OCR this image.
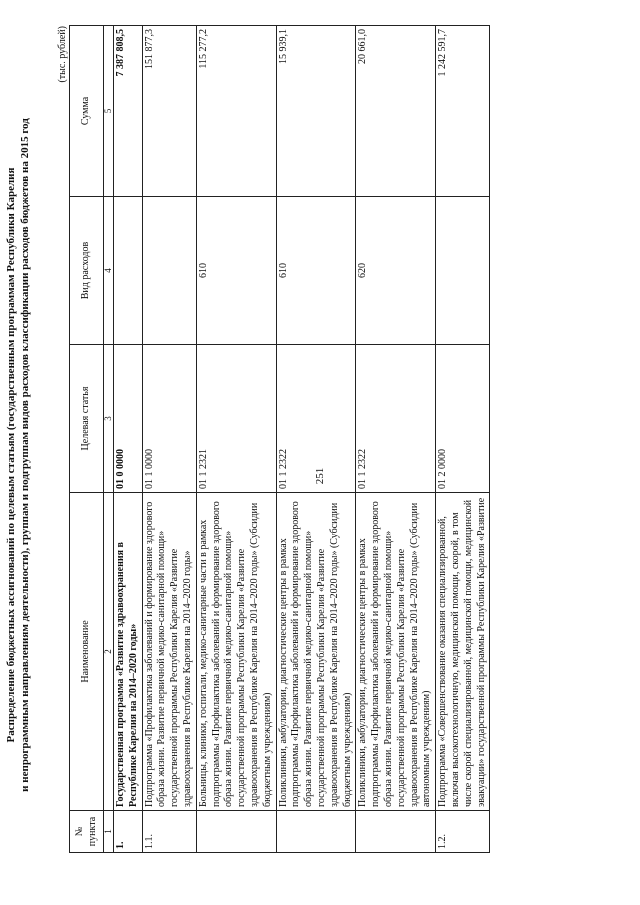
251
Распределение бюджетных ассигнований по целевым статьям (государственным программам Республики Карелия и непрограммным направлениям деятельности), группам и подгруппам видов расходов классификации расходов бюджетов на 2015 год
(тыс. рублей)
№ пункта	Наименование	Целевая статья	Вид расходов	Сумма
1	2	3	4	5
1.	Государственная программа «Развитие здравоохранения в Республике Карелия на 2014–2020 годы»	01 0 0000		7 387 808,5
1.1.	Подпрограмма «Профилактика заболеваний и формирование здорового образа жизни. Развитие первичной медико-санитарной помощи» государственной программы Республики Карелия «Развитие здравоохранения в Республике Карелия на 2014–2020 годы»	01 1 0000		151 877,3
	Больницы, клиники, госпитали, медико-санитарные части в рамках подпрограммы «Профилактика заболеваний и формирование здорового образа жизни. Развитие первичной медико-санитарной помощи» государственной программы Республики Карелия «Развитие здравоохранения в Республике Карелия на 2014–2020 годы» (Субсидии бюджетным учреждениям)	01 1 2321	610	115 277,2
	Поликлиники, амбулатории, диагностические центры в рамках подпрограммы «Профилактика заболеваний и формирование здорового образа жизни. Развитие первичной медико-санитарной помощи» государственной программы Республики Карелия «Развитие здравоохранения в Республике Карелия на 2014–2020 годы» (Субсидии бюджетным учреждениям)	01 1 2322	610	15 939,1
	Поликлиники, амбулатории, диагностические центры в рамках подпрограммы «Профилактика заболеваний и формирование здорового образа жизни. Развитие первичной медико-санитарной помощи» государственной программы Республики Карелия «Развитие здравоохранения в Республике Карелия на 2014–2020 годы» (Субсидии автономным учреждениям)	01 1 2322	620	20 661,0
1.2.	Подпрограмма «Совершенствование оказания специализированной, включая высокотехнологичную, медицинской помощи, скорой, в том числе скорой специализированной, медицинской помощи, медицинской эвакуации» государственной программы Республики Карелия «Развитие	01 2 0000		1 242 591,7
